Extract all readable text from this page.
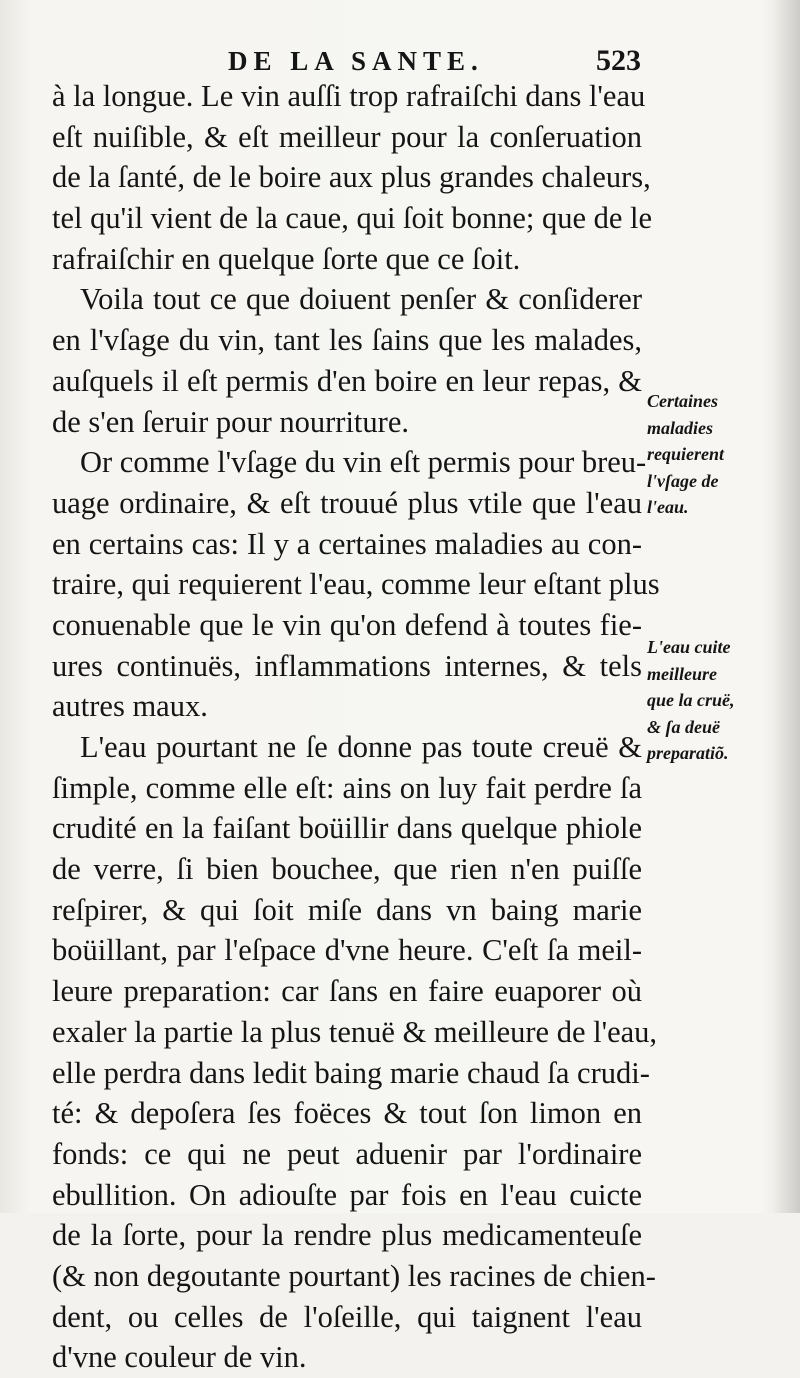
DE LA SANTE.	523
à la longue. Le vin auſſi trop rafraiſchi dans l'eau
eſt nuiſible, & eſt meilleur pour la conſeruation
de la ſanté, de le boire aux plus grandes chaleurs,
tel qu'il vient de la caue, qui ſoit bonne; que de le
rafraiſchir en quelque ſorte que ce ſoit.
Voila tout ce que doiuent penſer & conſiderer
en l'vſage du vin, tant les ſains que les malades,
auſquels il eſt permis d'en boire en leur repas, &
de s'en ſeruir pour nourriture.
Or comme l'vſage du vin eſt permis pour breu-
uage ordinaire, & eſt trouué plus vtile que l'eau
en certains cas: Il y a certaines maladies au con-
traire, qui requierent l'eau, comme leur eſtant plus
conuenable que le vin qu'on defend à toutes fie-
ures continuës, inflammations internes, & tels
autres maux.
L'eau pourtant ne ſe donne pas toute creuë &
ſimple, comme elle eſt: ains on luy fait perdre ſa
crudité en la faiſant boüillir dans quelque phiole
de verre, ſi bien bouchee, que rien n'en puiſſe
reſpirer, & qui ſoit miſe dans vn baing marie
boüillant, par l'eſpace d'vne heure. C'eſt ſa meil-
leure preparation: car ſans en faire euaporer où
exaler la partie la plus tenuë & meilleure de l'eau,
elle perdra dans ledit baing marie chaud ſa crudi-
té: & depoſera ſes foëces & tout ſon limon en
fonds: ce qui ne peut aduenir par l'ordinaire
ebullition. On adiouſte par fois en l'eau cuicte
de la ſorte, pour la rendre plus medicamenteuſe
(& non degoutante pourtant) les racines de chien-
dent, ou celles de l'oſeille, qui taignent l'eau
d'vne couleur de vin.
Certaines
maladies
requierent
l'vſage de
l'eau.
L'eau cuite
meilleure
que la cruë,
& ſa deuë
preparatiõ.
